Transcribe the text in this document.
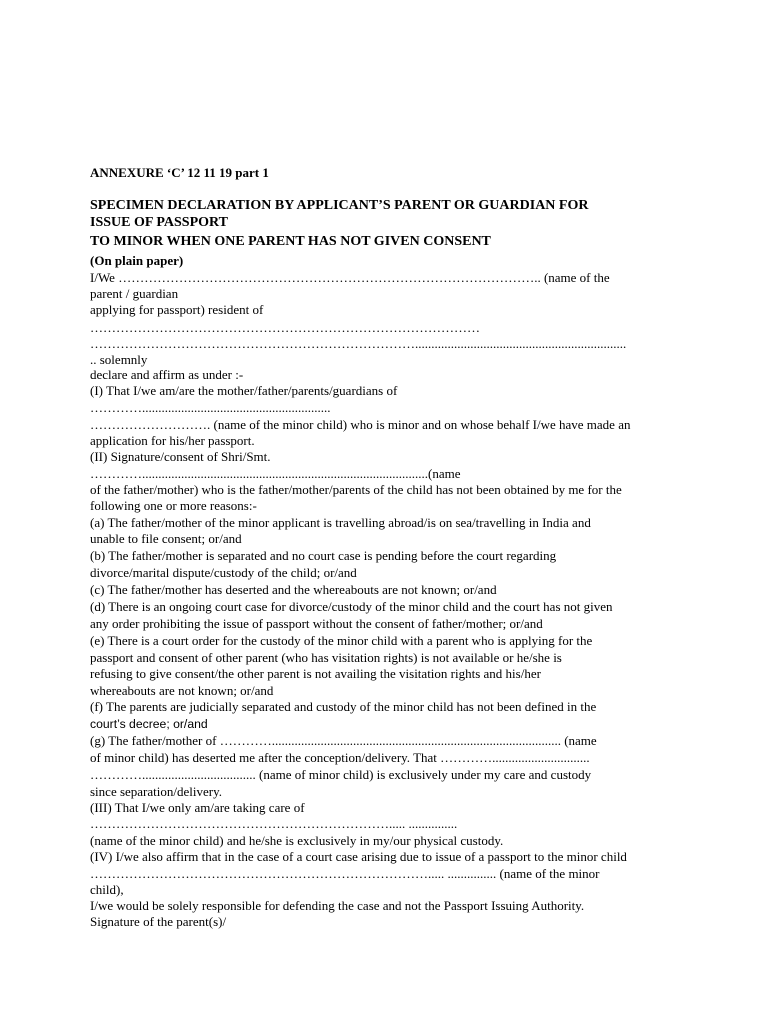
ANNEXURE ‘C’ 12 11 19 part 1
SPECIMEN DECLARATION BY APPLICANT’S PARENT OR GUARDIAN FOR
ISSUE OF PASSPORT
TO MINOR WHEN ONE PARENT HAS NOT GIVEN CONSENT
(On plain paper)
I/We …………………………………………………………………………………….. (name of the
parent / guardian
applying for passport) resident of
………………………………………………………………………………
………………………………………………………………….................................................................
.. solemnly
declare and affirm as under :-
(I) That I/we am/are the mother/father/parents/guardians of
…………..........................................................
………………………. (name of the minor child) who is minor and on whose behalf I/we have made an
application for his/her passport.
(II) Signature/consent of Shri/Smt.
…………........................................................................................(name
of the father/mother) who is the father/mother/parents of the child has not been obtained by me for the
following one or more reasons:-
(a) The father/mother of the minor applicant is travelling abroad/is on sea/travelling in India and
unable to file consent; or/and
(b) The father/mother is separated and no court case is pending before the court regarding
divorce/marital dispute/custody of the child; or/and
(c) The father/mother has deserted and the whereabouts are not known; or/and
(d) There is an ongoing court case for divorce/custody of the minor child and the court has not given
any order prohibiting the issue of passport without the consent of father/mother; or/and
(e) There is a court order for the custody of the minor child with a parent who is applying for the
passport and consent of other parent (who has visitation rights) is not available or he/she is
refusing to give consent/the other parent is not availing the visitation rights and his/her
whereabouts are not known; or/and
(f) The parents are judicially separated and custody of the minor child has not been defined in the
court’s decree; or/and
(g) The father/mother of …………......................................................................................... (name
of minor child) has deserted me after the conception/delivery. That …………..............................
…………................................... (name of minor child) is exclusively under my care and custody
since separation/delivery.
(III) That I/we only am/are taking care of
……………………………………………………………..... ...............
(name of the minor child) and he/she is exclusively in my/our physical custody.
(IV) I/we also affirm that in the case of a court case arising due to issue of a passport to the minor child
……………………………………………………………………..... ............... (name of the minor
child),
I/we would be solely responsible for defending the case and not the Passport Issuing Authority.
Signature of the parent(s)/
